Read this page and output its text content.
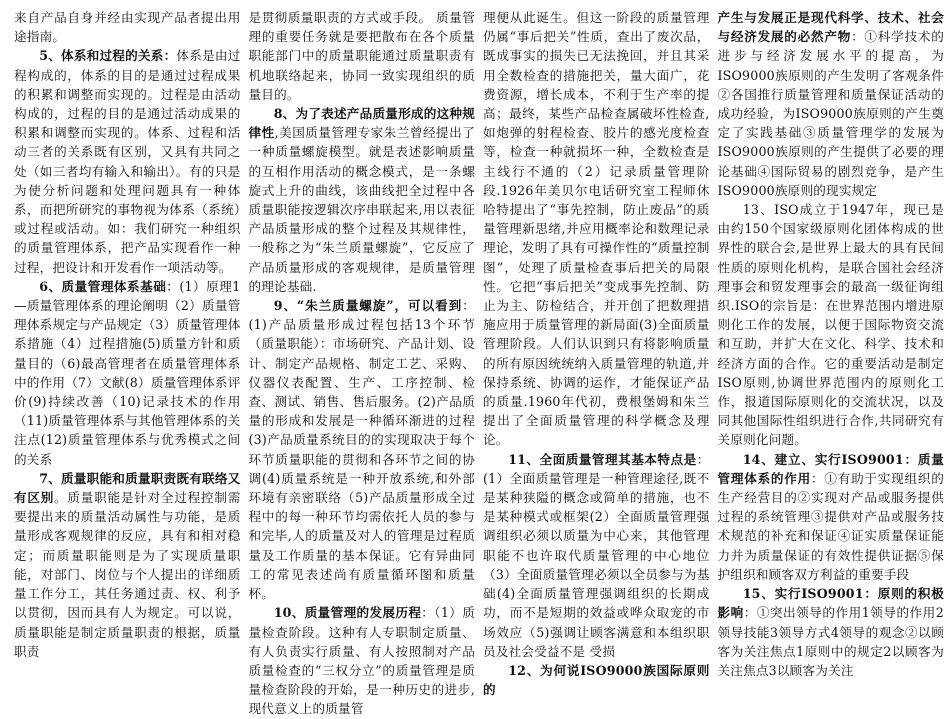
来自产品自身并经由实现产品者提出用途指南。

5、体系和过程的关系：体系是由过程构成的，体系的目的是通过过程成果的积累和调整而实现的。过程是由活动构成的，过程的目的是通过活动成果的积累和调整而实现的。体系、过程和活动三者的关系既有区别，又具有共同之处（如三者均有输入和输出）。有的只是为使分析问题和处理问题具有一种体系，而把所研究的事物视为体系（系统）或过程或活动。如：我们研究一种组织的质量管理体系，把产品实现看作一种过程，把设计和开发看作一项活动等。

6、质量管理体系基础：(1）原理1—质量管理体系的理论阐明（2）质量管理体系规定与产品规定（3）质量管理体系措施（4）过程措施(5)质量方针和质量目的（6)最高管理者在质量管理体系中的作用（7）文献(8）质量管理体系评价(9)持续改善（10)记录技术的作用（11)质量管理体系与其他管理体系的关注点(12)质量管理体系与优秀模式之间的关系

7、质量职能和质量职责既有联络又有区别。质量职能是针对全过程控制需要提出来的质量活动属性与功能，是质量形成客观规律的反应，具有和相对稳定；而质量职能则是为了实现质量职能，对部门、岗位与个人提出的详细质量工作分工，其任务通过责、权、利予以贯彻，因而具有人为规定。可以说，质量职能是制定质量职责的根据，质量职责

是贯彻质量职责的方式或手段。 质量管理的重要任务就是要把散布在各个质量职能部门中的质量职能通过质量职责有机地联络起来，协同一致实现组织的质量目的。

8、为了表述产品质量形成的这种规律性,美国质量管理专家朱兰曾经提出了一种质量螺旋模型。就是表述影响质量的互相作用活动的概念模式，是一条螺旋式上升的曲线，该曲线把全过程中各质量职能按逻辑次序串联起来,用以表征产品质量形成的整个过程及其规律性，一般称之为“朱兰质量螺旋”，它反应了产品质量形成的客观规律，是质量管理的理论基础.

9、“朱兰质量螺旋”，可以看到：(1)产品质量形成过程包括13个环节（质量职能）：市场研究、产品计划、设计、制定产品规格、制定工艺、采购、仪器仪表配置、生产、工序控制、检查、测试、销售、售后服务。(2)产品质量的形成和发展是一种循环渐进的过程(3)产品质量系统目的的实现取决于每个环节质量职能的贯彻和各环节之间的协调(4)质量系统是一种开放系统,和外部环境有亲密联络（5)产品质量形成全过程中的每一种环节均需依托人员的参与和完毕,人的质量及对人的管理是过程质量及工作质量的基本保证。它有异曲同工的常见表述尚有质量循环图和质量杯。

10、质量管理的发展历程：（1）质量检查阶段。这种有人专职制定质量、有人负责实行质量、有人按照制对产品质量检查的“三权分立”的质量管理是质量检查阶段的开始，是一种历史的进步,现代意义上的质量管

理便从此诞生。但这一阶段的质量管理仍属“事后把关”性质，查出了废次品，既成事实的损失已无法挽回，并且其采用全数检查的措施把关，量大面广，花费资源，增长成本，不利于生产率的提高；最终，某些产品检查属破坏性检查,如炮弹的射程检查、胶片的感光度检查等，检查一种就损坏一种，全数检查是主线行不通的（2）记录质量管理阶段.1926年美贝尔电话研究室工程师休哈特提出了“事先控制，防止废品”的质量管理新思绪,并应用概率论和数理记录理论，发明了具有可操作性的“质量控制图”，处理了质量检查事后把关的局限性。它把“事后把关”变成事先控制、防止为主、防检结合，并开创了把数理措施应用于质量管理的新局面(3)全面质量管理阶段。人们认识到只有将影响质量的所有原因统统纳入质量管理的轨道,并保持系统、协调的运作，才能保证产品的质量.1960年代初，费根堡姆和朱兰提出了全面质量管理的科学概念及理论。

11、全面质量管理其基本特点是：(1）全面质量管理是一种管理途径,既不是某种狭隘的概念或简单的措施，也不是某种模式或框架(2）全面质量管理强调组织必须以质量为中心来，其他管理职能不也许取代质量管理的中心地位（3）全面质量管理必须以全员参与为基础(4)全面质量管理强调组织的长期成功，而不是短期的效益或哗众取宠的市场效应（5)强调让顾客满意和本组织职员及社会受益不是 受损

12、为何说ISO9000族国际原则的

产生与发展正是现代科学、技术、社会与经济发展的必然产物：①科学技术的进步与经济发展水平的提高，为ISO9000族原则的产生发明了客观条件②各国推行质量管理和质量保证活动的成功经验，为ISO9000族原则的产生奠定了实践基础③质量管理学的发展为ISO9000族原则的产生提供了必要的理论基础④国际贸易的剧烈竞争，是产生ISO9000族原则的现实规定

13、ISO成立于1947年，现已是由约150个国家级原则化团体构成的世界性的联合会,是世界上最大的具有民间性质的原则化机构，是联合国社会经济理事会和贸发理事会的最高一级征询组织.ISO的宗旨是：在世界范围内增进原则化工作的发展，以便于国际物资交流和互助，并扩大在文化、科学、技术和经济方面的合作。它的重要活动是制定ISO原则,协调世界范围内的原则化工作，报道国际原则化的交流状况，以及同其他国际性组织进行合作,共同研究有关原则化问题。

14、建立、实行ISO9001：质量管理体系的作用：①有助于实现组织的生产经营目的②实现对产品或服务提供过程的系统管理③提供对产品或服务技术规范的补充和保证④证实质量保证能力并为质量保证的有效性提供证据⑤保护组织和顾客双方利益的重要手段

15、实行ISO9001：原则的积极影响：①突出领导的作用1领导的作用2领导技能3领导方式4领导的观念②以顾客为关注焦点1原则中的规定2以顾客为关注焦点3以顾客为关注
